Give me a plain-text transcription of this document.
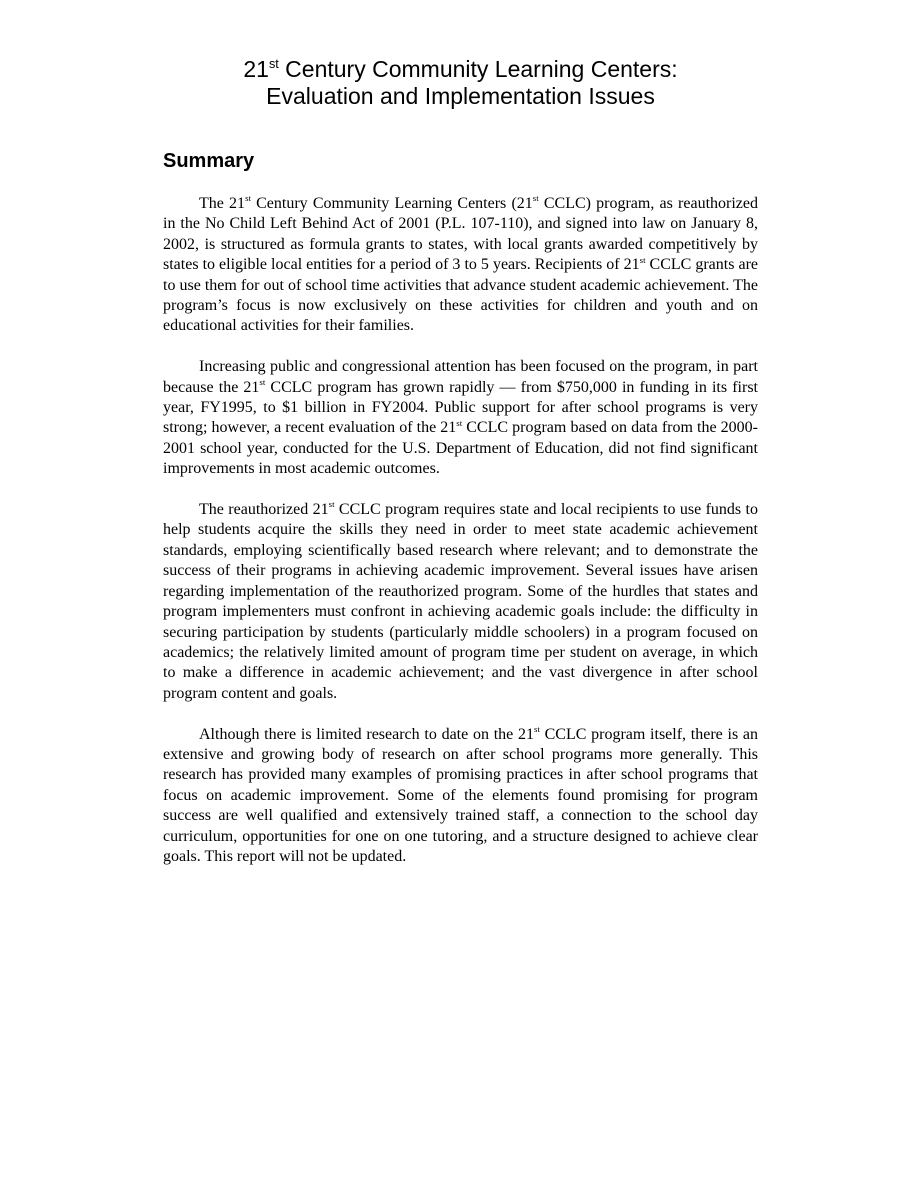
21st Century Community Learning Centers:
Evaluation and Implementation Issues
Summary

The 21st Century Community Learning Centers (21st CCLC) program, as reauthorized in the No Child Left Behind Act of 2001 (P.L. 107-110), and signed into law on January 8, 2002, is structured as formula grants to states, with local grants awarded competitively by states to eligible local entities for a period of 3 to 5 years. Recipients of 21st CCLC grants are to use them for out of school time activities that advance student academic achievement. The program’s focus is now exclusively on these activities for children and youth and on educational activities for their families.

Increasing public and congressional attention has been focused on the program, in part because the 21st CCLC program has grown rapidly — from $750,000 in funding in its first year, FY1995, to $1 billion in FY2004. Public support for after school programs is very strong; however, a recent evaluation of the 21st CCLC program based on data from the 2000-2001 school year, conducted for the U.S. Department of Education, did not find significant improvements in most academic outcomes.

The reauthorized 21st CCLC program requires state and local recipients to use funds to help students acquire the skills they need in order to meet state academic achievement standards, employing scientifically based research where relevant; and to demonstrate the success of their programs in achieving academic improvement. Several issues have arisen regarding implementation of the reauthorized program. Some of the hurdles that states and program implementers must confront in achieving academic goals include: the difficulty in securing participation by students (particularly middle schoolers) in a program focused on academics; the relatively limited amount of program time per student on average, in which to make a difference in academic achievement; and the vast divergence in after school program content and goals.

Although there is limited research to date on the 21st CCLC program itself, there is an extensive and growing body of research on after school programs more generally. This research has provided many examples of promising practices in after school programs that focus on academic improvement. Some of the elements found promising for program success are well qualified and extensively trained staff, a connection to the school day curriculum, opportunities for one on one tutoring, and a structure designed to achieve clear goals. This report will not be updated.
